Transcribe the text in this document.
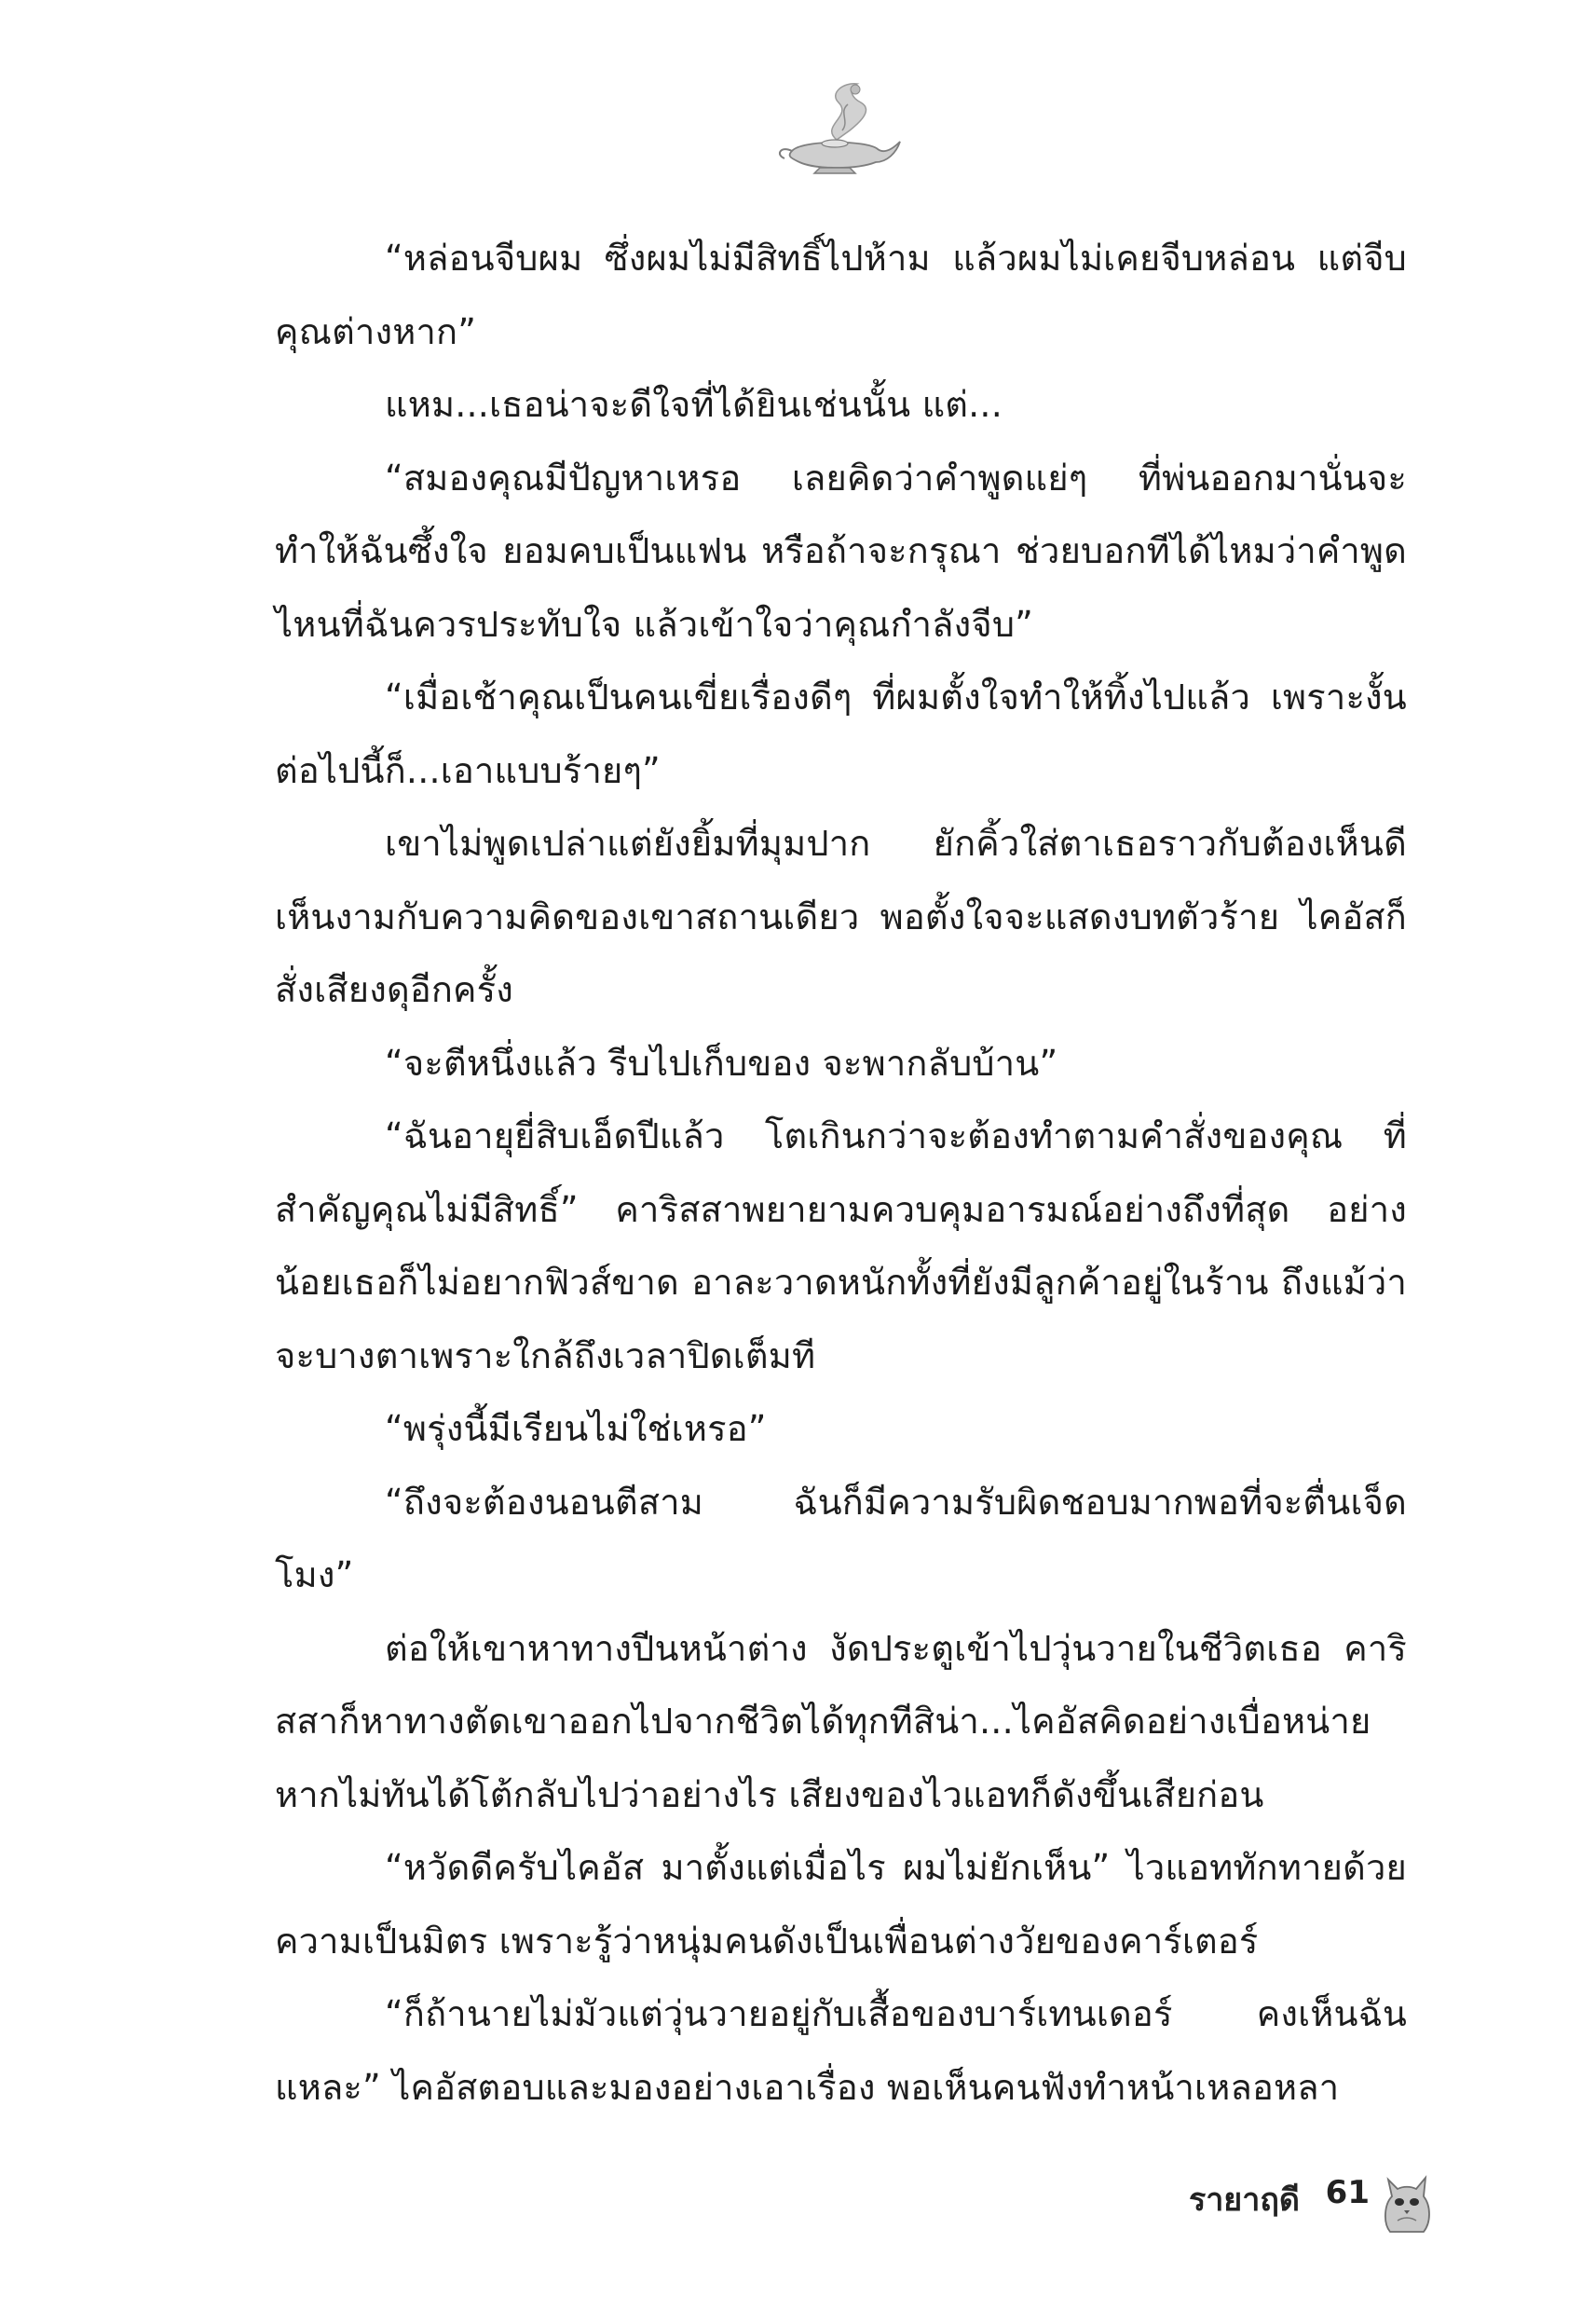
“หล่อนจีบผม ซึ่งผมไม่มีสิทธิ์ไปห้าม แล้วผมไม่เคยจีบหล่อน แต่จีบคุณต่างหาก”

แหม...เธอน่าจะดีใจที่ได้ยินเช่นนั้น แต่...

“สมองคุณมีปัญหาเหรอ เลยคิดว่าคำพูดแย่ๆ ที่พ่นออกมานั่นจะทำให้ฉันซึ้งใจ ยอมคบเป็นแฟน หรือถ้าจะกรุณา ช่วยบอกทีได้ไหมว่าคำพูดไหนที่ฉันควรประทับใจ แล้วเข้าใจว่าคุณกำลังจีบ”

“เมื่อเช้าคุณเป็นคนเขี่ยเรื่องดีๆ ที่ผมตั้งใจทำให้ทิ้งไปแล้ว เพราะงั้นต่อไปนี้ก็...เอาแบบร้ายๆ”

เขาไม่พูดเปล่าแต่ยังยิ้มที่มุมปาก ยักคิ้วใส่ตาเธอราวกับต้องเห็นดีเห็นงามกับความคิดของเขาสถานเดียว พอตั้งใจจะแสดงบทตัวร้าย ไคอัสก็สั่งเสียงดุอีกครั้ง

“จะตีหนึ่งแล้ว รีบไปเก็บของ จะพากลับบ้าน”

“ฉันอายุยี่สิบเอ็ดปีแล้ว โตเกินกว่าจะต้องทำตามคำสั่งของคุณ ที่สำคัญคุณไม่มีสิทธิ์” คาริสสาพยายามควบคุมอารมณ์อย่างถึงที่สุด อย่างน้อยเธอก็ไม่อยากฟิวส์ขาด อาละวาดหนักทั้งที่ยังมีลูกค้าอยู่ในร้าน ถึงแม้ว่าจะบางตาเพราะใกล้ถึงเวลาปิดเต็มที

“พรุ่งนี้มีเรียนไม่ใช่เหรอ”

“ถึงจะต้องนอนตีสาม ฉันก็มีความรับผิดชอบมากพอที่จะตื่นเจ็ดโมง”

ต่อให้เขาหาทางปีนหน้าต่าง งัดประตูเข้าไปวุ่นวายในชีวิตเธอ คาริสสาก็หาทางตัดเขาออกไปจากชีวิตได้ทุกทีสิน่า...ไคอัสคิดอย่างเบื่อหน่าย หากไม่ทันได้โต้กลับไปว่าอย่างไร เสียงของไวแอทก็ดังขึ้นเสียก่อน

“หวัดดีครับไคอัส มาตั้งแต่เมื่อไร ผมไม่ยักเห็น” ไวแอททักทายด้วยความเป็นมิตร เพราะรู้ว่าหนุ่มคนดังเป็นเพื่อนต่างวัยของคาร์เตอร์

“ก็ถ้านายไม่มัวแต่วุ่นวายอยู่กับเสื้อของบาร์เทนเดอร์ คงเห็นฉันแหละ” ไคอัสตอบและมองอย่างเอาเรื่อง พอเห็นคนฟังทำหน้าเหลอหลา

รายาฤดี 61
